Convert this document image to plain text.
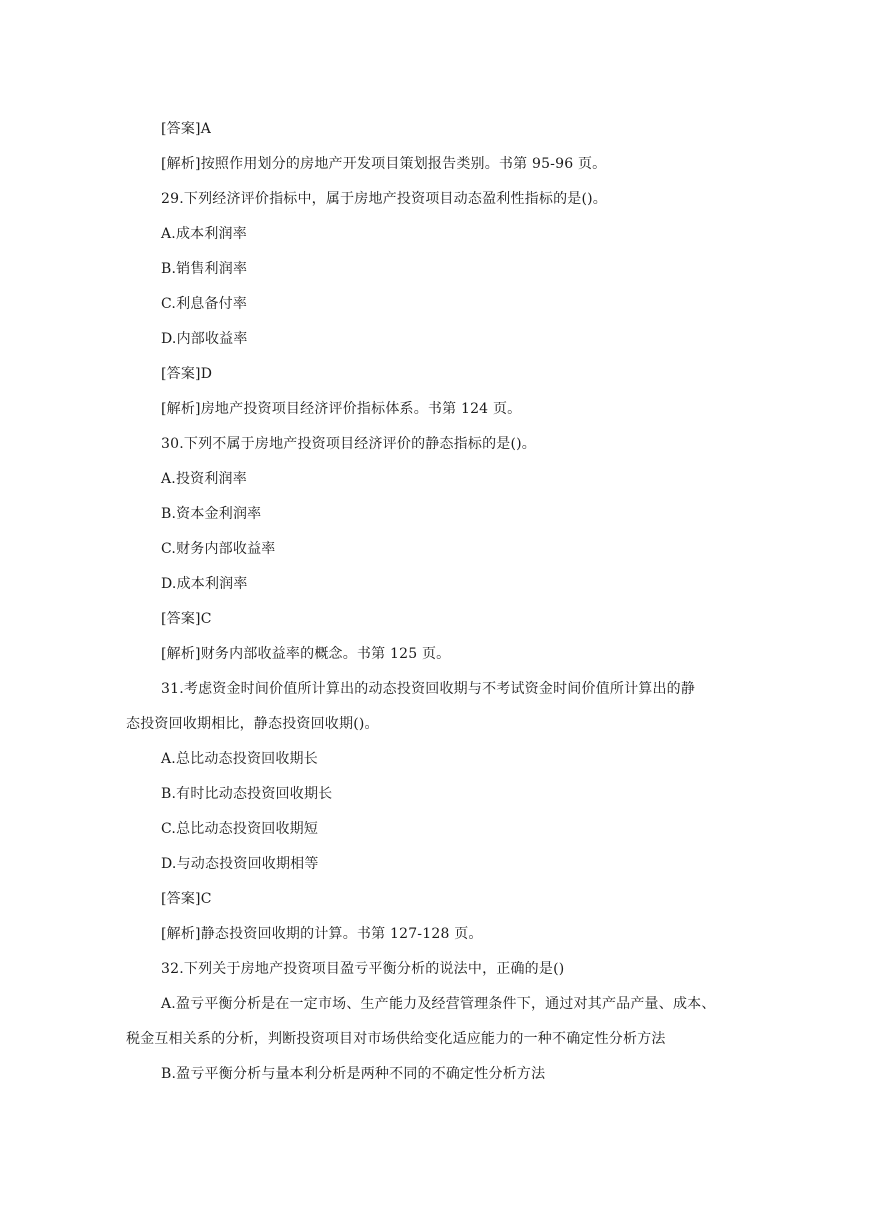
[答案]A
[解析]按照作用划分的房地产开发项目策划报告类别。书第 95-96 页。
29.下列经济评价指标中，属于房地产投资项目动态盈利性指标的是()。
A.成本利润率
B.销售利润率
C.利息备付率
D.内部收益率
[答案]D
[解析]房地产投资项目经济评价指标体系。书第 124 页。
30.下列不属于房地产投资项目经济评价的静态指标的是()。
A.投资利润率
B.资本金利润率
C.财务内部收益率
D.成本利润率
[答案]C
[解析]财务内部收益率的概念。书第 125 页。
31.考虑资金时间价值所计算出的动态投资回收期与不考试资金时间价值所计算出的静
态投资回收期相比，静态投资回收期()。
A.总比动态投资回收期长
B.有时比动态投资回收期长
C.总比动态投资回收期短
D.与动态投资回收期相等
[答案]C
[解析]静态投资回收期的计算。书第 127-128 页。
32.下列关于房地产投资项目盈亏平衡分析的说法中，正确的是()
A.盈亏平衡分析是在一定市场、生产能力及经营管理条件下，通过对其产品产量、成本、
税金互相关系的分析，判断投资项目对市场供给变化适应能力的一种不确定性分析方法
B.盈亏平衡分析与量本利分析是两种不同的不确定性分析方法
